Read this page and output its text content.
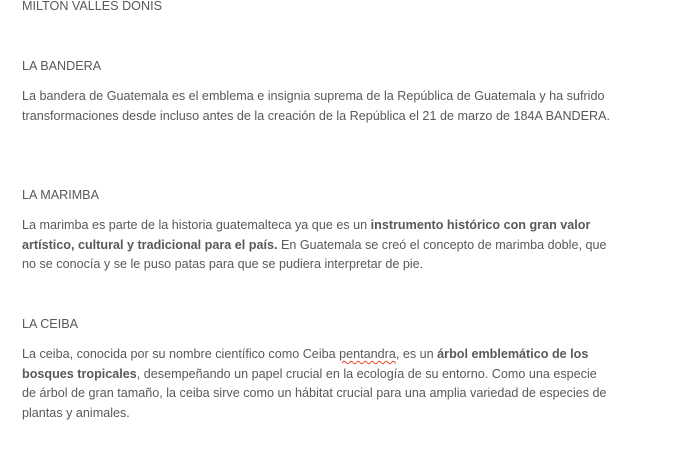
MILTON VALLES DONIS
LA BANDERA

La bandera de Guatemala es el emblema e insignia suprema de la República de Guatemala y ha sufrido transformaciones desde incluso antes de la creación de la República el 21 de marzo de 184A BANDERA.

LA MARIMBA

La marimba es parte de la historia guatemalteca ya que es un instrumento histórico con gran valor artístico, cultural y tradicional para el país. En Guatemala se creó el concepto de marimba doble, que no se conocía y se le puso patas para que se pudiera interpretar de pie.

LA CEIBA

La ceiba, conocida por su nombre científico como Ceiba pentandra, es un árbol emblemático de los bosques tropicales, desempeñando un papel crucial en la ecología de su entorno. Como una especie de árbol de gran tamaño, la ceiba sirve como un hábitat crucial para una amplia variedad de especies de plantas y animales.
